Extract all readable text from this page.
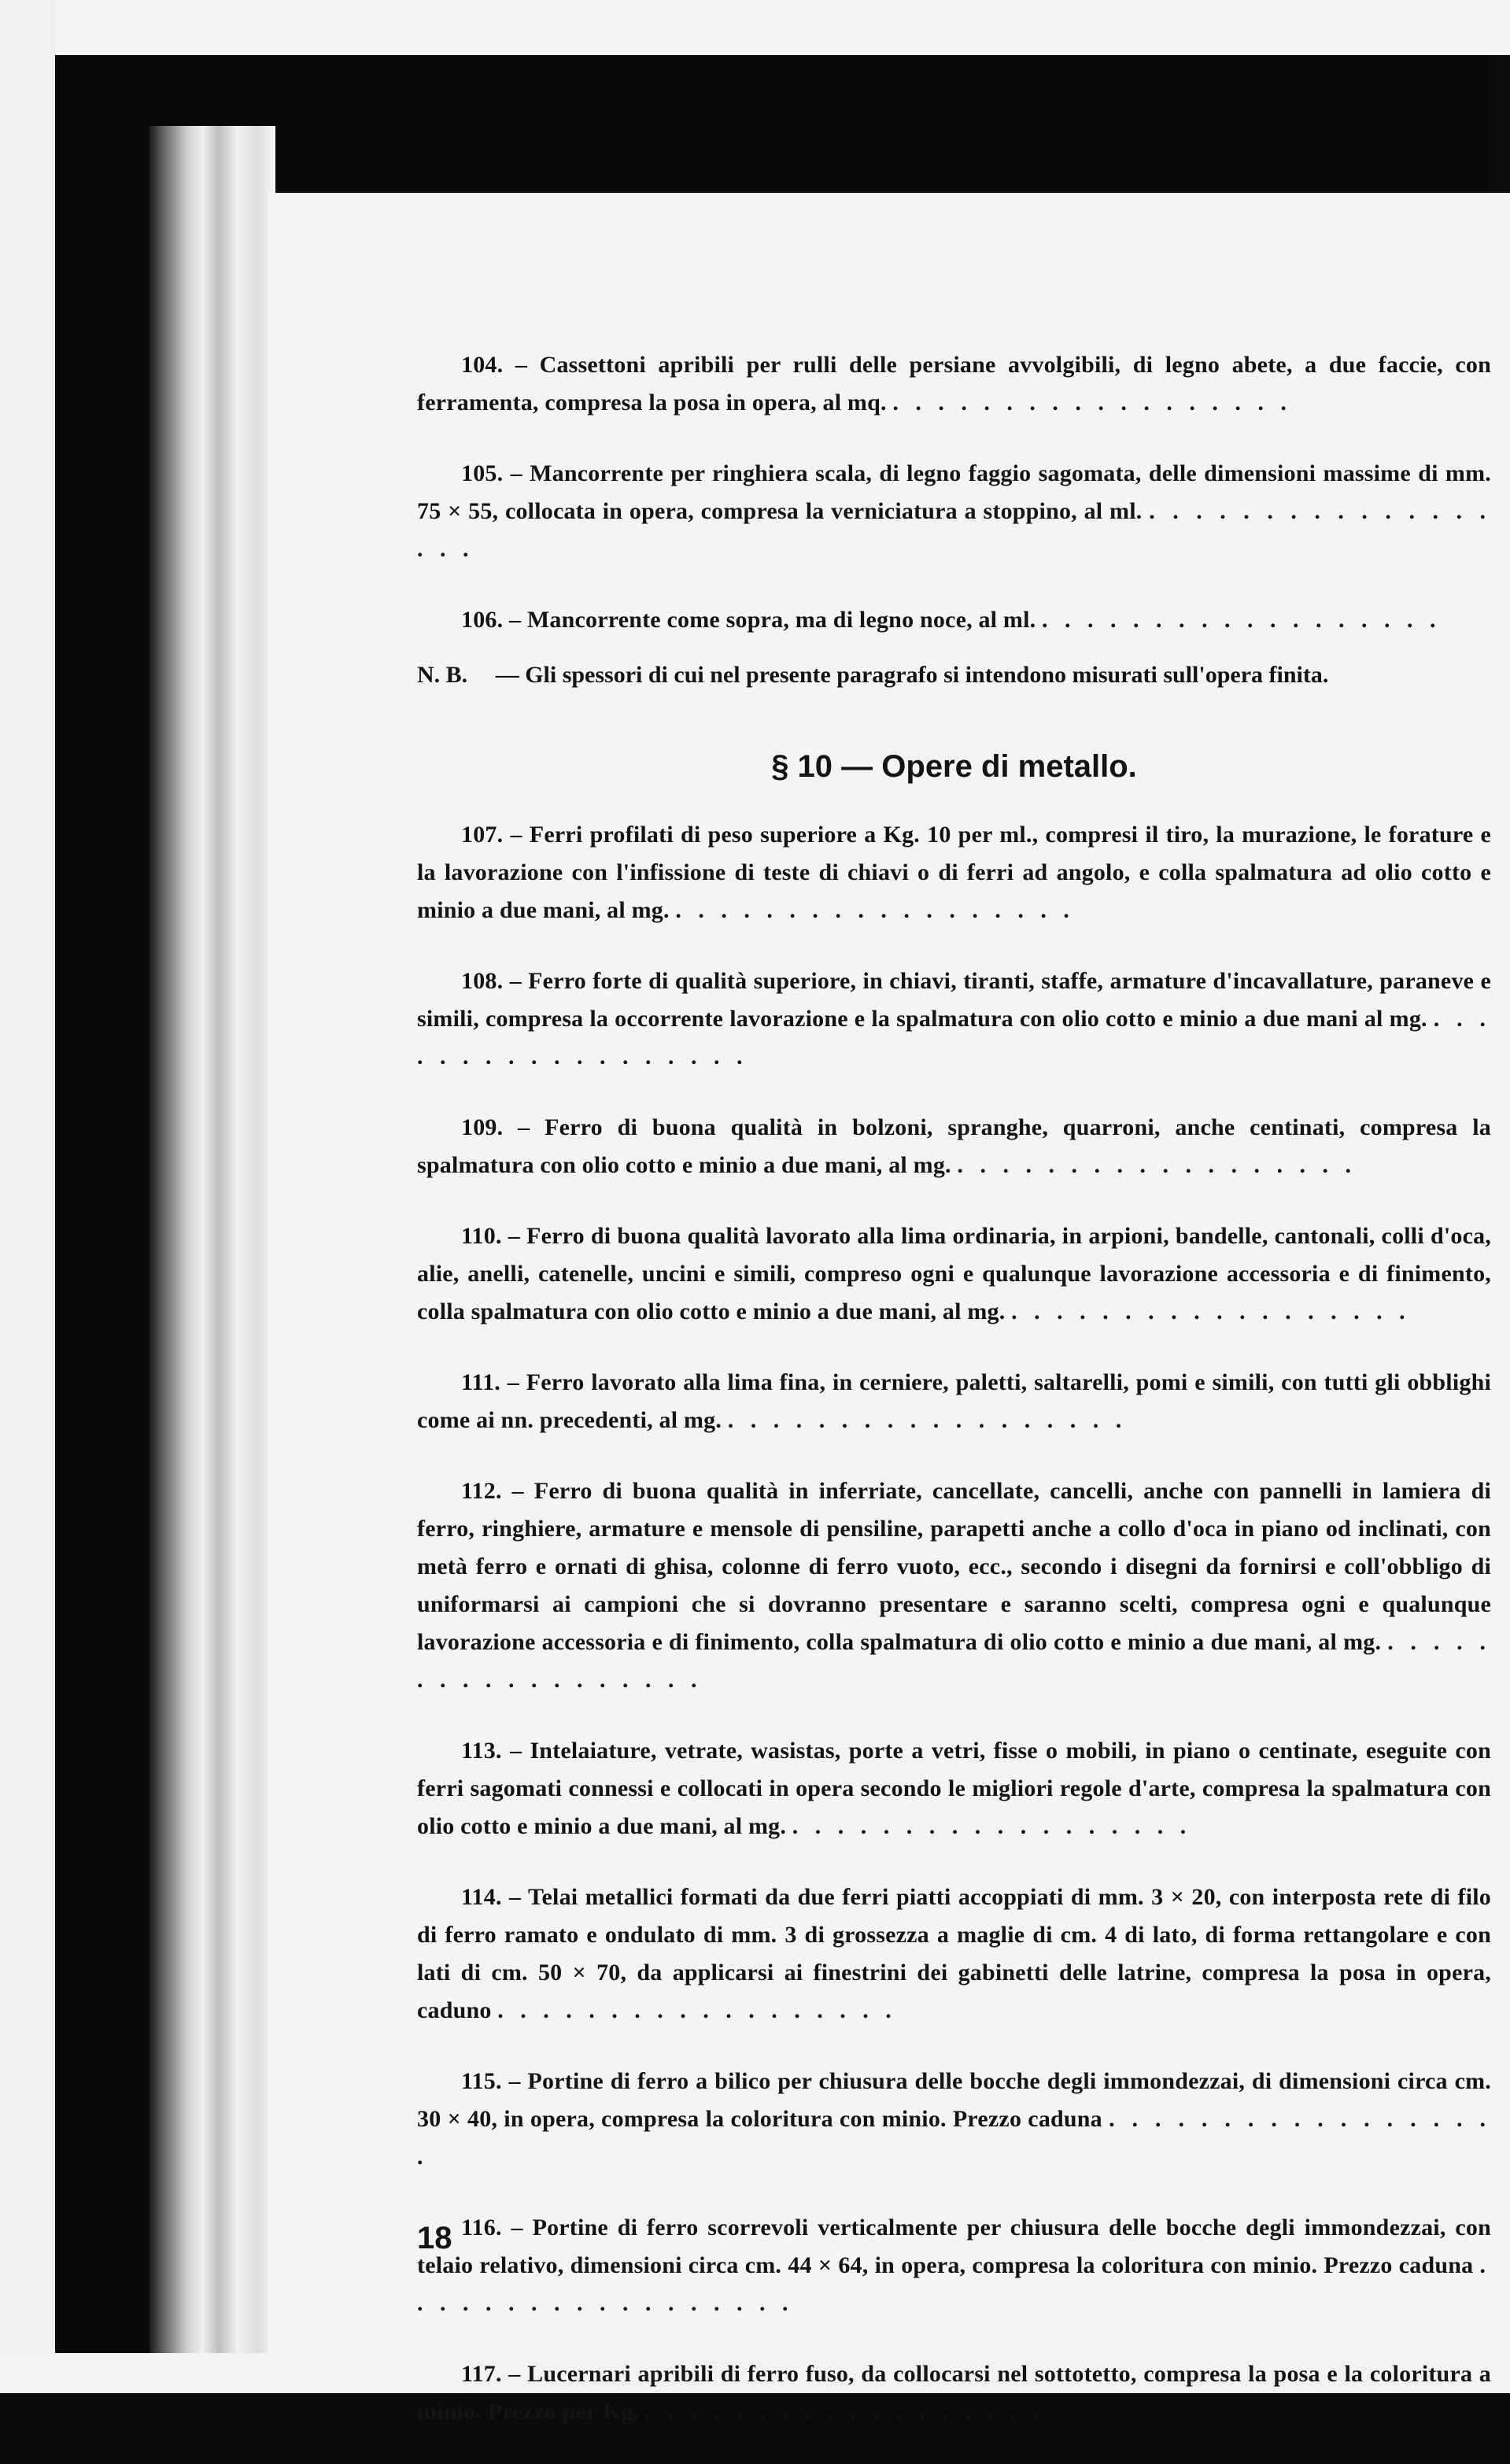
104. – Cassettoni apribili per rulli delle persiane avvolgibili, di legno abete, a due faccie, con ferramenta, compresa la posa in opera, al mq. . . . . . . . . . . . . . . . . . .
105. – Mancorrente per ringhiera scala, di legno faggio sagomata, delle dimensioni massime di mm. 75 × 55, collocata in opera, compresa la verniciatura a stoppino, al ml. . . . . . . . . . . . . . . . . . .
106. – Mancorrente come sopra, ma di legno noce, al ml. . . . . . . . . . . . . . . . . . .
N. B. — Gli spessori di cui nel presente paragrafo si intendono misurati sull'opera finita.
§ 10 — Opere di metallo.
107. – Ferri profilati di peso superiore a Kg. 10 per ml., compresi il tiro, la murazione, le forature e la lavorazione con l'infissione di teste di chiavi o di ferri ad angolo, e colla spalmatura ad olio cotto e minio a due mani, al mg. . . . . . . . . . . . . . . . . . .
108. – Ferro forte di qualità superiore, in chiavi, tiranti, staffe, armature d'incavallature, paraneve e simili, compresa la occorrente lavorazione e la spalmatura con olio cotto e minio a due mani al mg. . . . . . . . . . . . . . . . . . .
109. – Ferro di buona qualità in bolzoni, spranghe, quarroni, anche centinati, compresa la spalmatura con olio cotto e minio a due mani, al mg. . . . . . . . . . . . . . . . . . .
110. – Ferro di buona qualità lavorato alla lima ordinaria, in arpioni, bandelle, cantonali, colli d'oca, alie, anelli, catenelle, uncini e simili, compreso ogni e qualunque lavorazione accessoria e di finimento, colla spalmatura con olio cotto e minio a due mani, al mg. . . . . . . . . . . . . . . . . . .
111. – Ferro lavorato alla lima fina, in cerniere, paletti, saltarelli, pomi e simili, con tutti gli obblighi come ai nn. precedenti, al mg. . . . . . . . . . . . . . . . . . .
112. – Ferro di buona qualità in inferriate, cancellate, cancelli, anche con pannelli in lamiera di ferro, ringhiere, armature e mensole di pensiline, parapetti anche a collo d'oca in piano od inclinati, con metà ferro e ornati di ghisa, colonne di ferro vuoto, ecc., secondo i disegni da fornirsi e coll'obbligo di uniformarsi ai campioni che si dovranno presentare e saranno scelti, compresa ogni e qualunque lavorazione accessoria e di finimento, colla spalmatura di olio cotto e minio a due mani, al mg. . . . . . . . . . . . . . . . . . .
113. – Intelaiature, vetrate, wasistas, porte a vetri, fisse o mobili, in piano o centinate, eseguite con ferri sagomati connessi e collocati in opera secondo le migliori regole d'arte, compresa la spalmatura con olio cotto e minio a due mani, al mg. . . . . . . . . . . . . . . . . . .
114. – Telai metallici formati da due ferri piatti accoppiati di mm. 3 × 20, con interposta rete di filo di ferro ramato e ondulato di mm. 3 di grossezza a maglie di cm. 4 di lato, di forma rettangolare e con lati di cm. 50 × 70, da applicarsi ai finestrini dei gabinetti delle latrine, compresa la posa in opera, caduno . . . . . . . . . . . . . . . . . .
115. – Portine di ferro a bilico per chiusura delle bocche degli immondezzai, di dimensioni circa cm. 30 × 40, in opera, compresa la coloritura con minio. Prezzo caduna . . . . . . . . . . . . . . . . . .
116. – Portine di ferro scorrevoli verticalmente per chiusura delle bocche degli immondezzai, con telaio relativo, dimensioni circa cm. 44 × 64, in opera, compresa la coloritura con minio. Prezzo caduna . . . . . . . . . . . . . . . . . .
117. – Lucernari apribili di ferro fuso, da collocarsi nel sottotetto, compresa la posa e la coloritura a minio. Prezzo per Kg. . . . . . . . . . . . . . . . . . .
18
